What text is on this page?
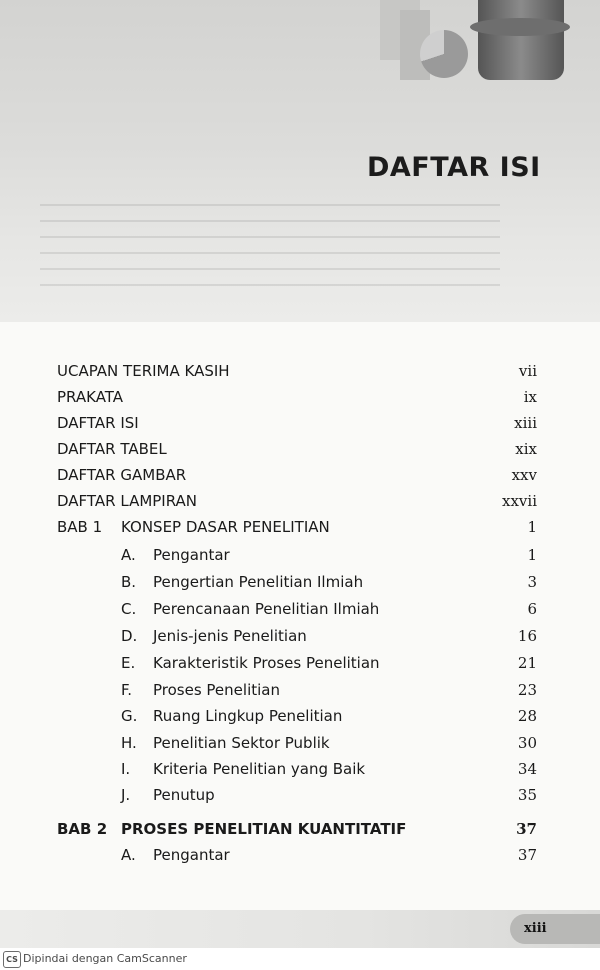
DAFTAR ISI
UCAPAN TERIMA KASIH	vii
PRAKATA	ix
DAFTAR ISI	xiii
DAFTAR TABEL	xix
DAFTAR GAMBAR	xxv
DAFTAR LAMPIRAN	xxvii
BAB 1 KONSEP DASAR PENELITIAN	1
A. Pengantar	1
B. Pengertian Penelitian Ilmiah	3
C. Perencanaan Penelitian Ilmiah	6
D. Jenis-jenis Penelitian	16
E. Karakteristik Proses Penelitian	21
F. Proses Penelitian	23
G. Ruang Lingkup Penelitian	28
H. Penelitian Sektor Publik	30
I. Kriteria Penelitian yang Baik	34
J. Penutup	35
BAB 2 PROSES PENELITIAN KUANTITATIF	37
A. Pengantar	37
xiii
CS Dipindai dengan CamScanner
